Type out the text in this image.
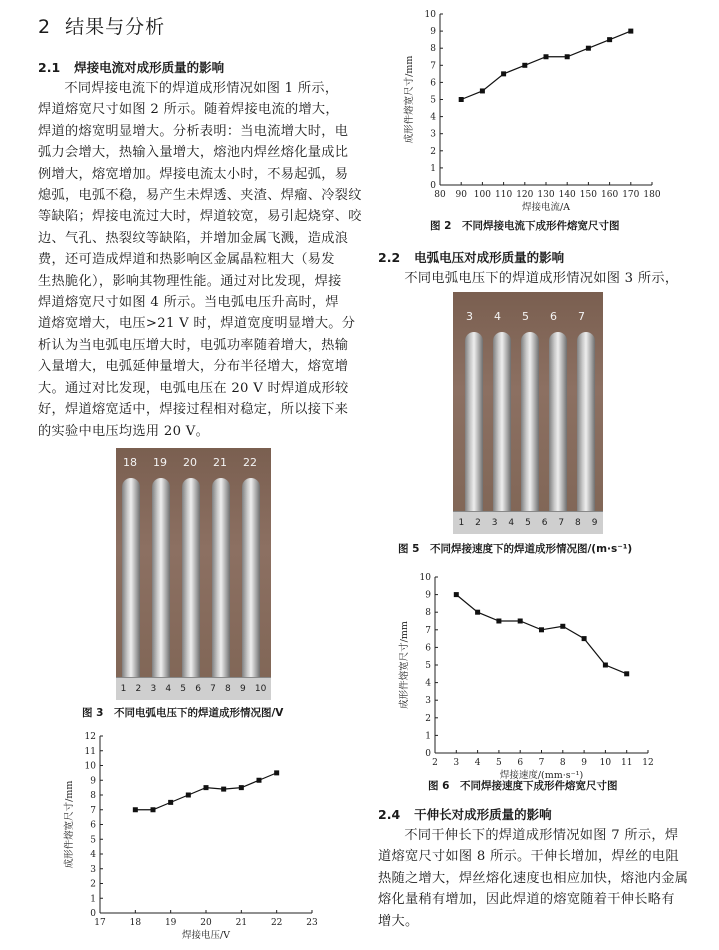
2 结果与分析
2.1 焊接电流对成形质量的影响
不同焊接电流下的焊道成形情况如图 1 所示，
焊道熔宽尺寸如图 2 所示。随着焊接电流的增大，
焊道的熔宽明显增大。分析表明：当电流增大时，电
弧力会增大，热输入量增大，熔池内焊丝熔化量成比
例增大，熔宽增加。焊接电流太小时，不易起弧，易
熄弧，电弧不稳，易产生未焊透、夹渣、焊瘤、冷裂纹
等缺陷；焊接电流过大时，焊道较宽，易引起烧穿、咬
边、气孔、热裂纹等缺陷，并增加金属飞溅，造成浪
费，还可造成焊道和热影响区金属晶粒粗大（易发
生热脆化），影响其物理性能。通过对比发现，焊接
焊道熔宽尺寸如图 4 所示。当电弧电压升高时，焊
道熔宽增大，电压>21 V 时，焊道宽度明显增大。分
析认为当电弧电压增大时，电弧功率随着增大，热输
入量增大，电弧延伸量增大，分布半径增大，熔宽增
大。通过对比发现，电弧电压在 20 V 时焊道成形较
好，焊道熔宽适中，焊接过程相对稳定，所以接下来
的实验中电压均选用 20 V。
80 90 100 110 120 130 140 150 160 170 180
0
1
2
3
4
5
6
7
8
9
10
焊接电流/A
成形件熔宽尺寸/mm
图 2　不同焊接电流下成形件熔宽尺寸图
2.2 电弧电压对成形质量的影响
不同电弧电压下的焊道成形情况如图 3 所示，
3 4 5 6 7
1 2 3 4 5 6 7 8 9
图 5　不同焊接速度下的焊道成形情况图/(m·s⁻¹)
2 3 4 5 6 7 8 9 10 11 12
0
1
2
3
4
5
6
7
8
9
10
焊接速度/(mm·s⁻¹)
成形件熔宽尺寸/mm
图 6　不同焊接速度下成形件熔宽尺寸图
2.4 干伸长对成形质量的影响
不同干伸长下的焊道成形情况如图 7 所示，焊
道熔宽尺寸如图 8 所示。干伸长增加，焊丝的电阻
热随之增大，焊丝熔化速度也相应加快，熔池内金属
熔化量稍有增加，因此焊道的熔宽随着干伸长略有
增大。
18 19 20 21 22
1 2 3 4 5 6 7 8 9 10
图 3　不同电弧电压下的焊道成形情况图/V
17	18	19	20	21	22	23
0
1
2
3
4
5
6
7
8
9
10
11
12
焊接电压/V
成形件熔宽尺寸/mm
